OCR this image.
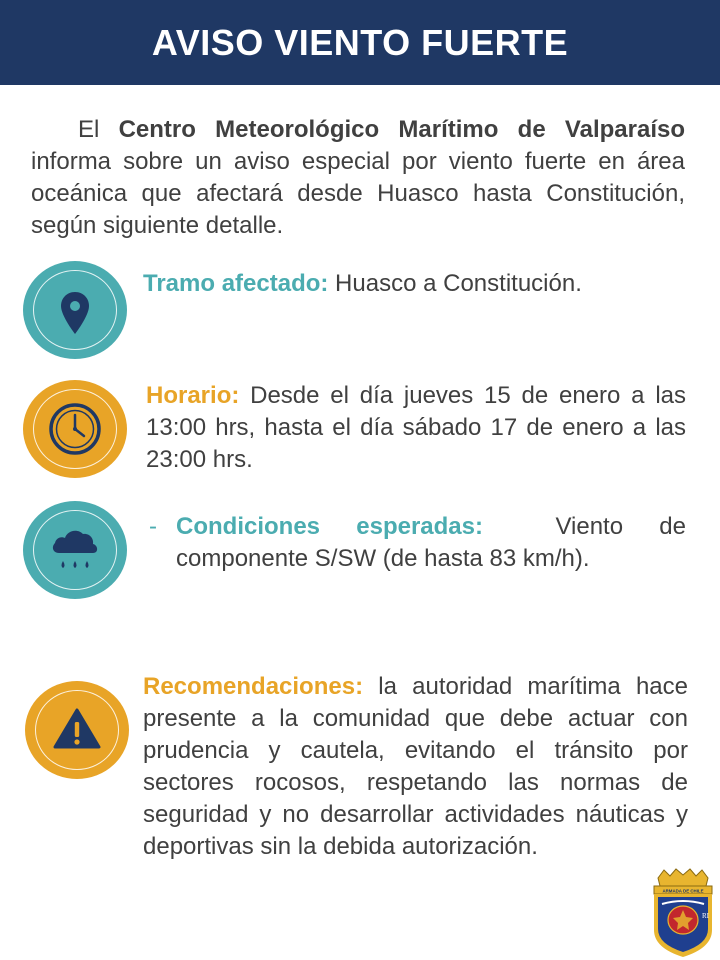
AVISO VIENTO FUERTE

El Centro Meteorológico Marítimo de Valparaíso informa sobre un aviso especial por viento fuerte en área oceánica que afectará desde Huasco hasta Constitución, según siguiente detalle.

Tramo afectado: Huasco a Constitución.

Horario: Desde el día jueves 15 de enero a las 13:00 hrs, hasta el día sábado 17 de enero a las 23:00 hrs.

- Condiciones esperadas:  Viento de componente S/SW (de hasta 83 km/h).

Recomendaciones: la autoridad marítima hace presente a la comunidad que debe actuar con prudencia y cautela, evitando el tránsito por sectores rocosos, respetando las normas de seguridad y no desarrollar actividades náuticas y deportivas sin la debida autorización.

ARMADA DE CHILE
RI
